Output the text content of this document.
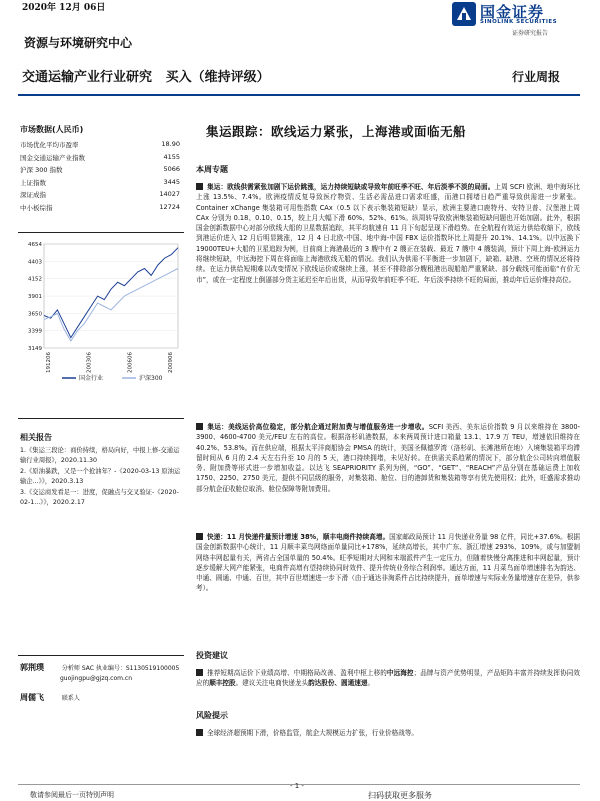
2020年 12月 06日	国金证券
SINOLINK SECURITIES
证券研究报告
资源与环境研究中心
交通运输产业行业研究 买入（维持评级）	行业周报
市场数据(人民币)
市场优化平均市盈率	18.90
国金交通运输产业指数	4155
沪深 300 指数	5066
上证指数	3445
深证成指	14027
中小板综指	12724
4654
4403
4152
3901
3650
3399
3149
191206	200306	200606	200906
国金行业	沪深300
相关报告

1.《集运三段论：商价持续，格局向好，中报上修-交通运输行业周报》，2020.11.30

2.《原油暴跌，又是一个抢油年？-《2020-03-13 原油运输企...》》，2020.3.13

3.《交运商发看足一：进度，促融点与交叉验证-《2020-02-1...》》，2020.2.17

郭荆璞	分析师 SAC 执业编号：S1130519100005
guojingpu@gjzq.com.cn
周儒飞	联系人
集运跟踪：欧线运力紧张，上海港或面临无船
本周专题
集运：欧线供需紧张加剧下运价跳涨，运力持续短缺或导致年前旺季不旺、年后淡季不淡的局面。上周 SCFI 欧洲、地中海环比上涨 13.5%、7.4%。欧洲疫情反复导致医疗物资、生活必需品进口需求旺盛，而港口拥堵日趋严重导致供需进一步紧张。Container xChange 集装箱可用性指数 CAx（0.5 以下表示集装箱短缺）显示，欧洲主要港口鹿特丹、安特卫普、汉堡港上周 CAx 分别为 0.18、0.10、0.15，较上月大幅下滑 60%、52%、61%。纵周转导致欧洲集装箱短缺问题也开始加剧。此外，根据国金创新数据中心对部分欧线大船的卫星数据追踪，其平均航速自 11 月下旬起呈现下滑趋势。在全航程有效运力供给收缩下，欧线到港运价进入 12 月后明显跳涨，12 月 4 日北欧-中国、地中海-中国 FBX 运价指数环比上周提升 20.1%、14.1%。以中远换下 19000TEU+大船的卫星追踪为例，目前商上海港最近的 3 艘中有 2 艘正在装载、最近 7 艘中 4 艘装满，预计下周上海-欧洲运力将继续短缺，中远海控下周在将面临上海港欧线无船的情况。我们认为供需不平衡进一步加剧下，缺箱、缺港、空班的情况还将持续。在运力供给短期难以改变情况下欧线运价或继续上涨，甚至不排除部分艘租港出现船舶严重紧缺、部分载线可能面临“有价无市”，或在一定程度上倒逼部分货主延迟至年后出货，从而导致年前旺季不旺、年后淡季持续不旺的局面，推动年后运价维持高位。
集运：美线运价高位稳定，部分航企通过附加费与增值服务进一步增收。SCFI 美西、美东运价指数 9 月以来维持在 3800-3900、4600-4700 美元/FEU 左右的高位。根据洛杉矶港数据，本来两周预计进口箱量 13.1、17.9 万 TEU，增速依旧维持在 40.2%、53.8%。而在供应端，根据太平洋商船协会 PMSA 的统计，美国圣佩德罗湾（洛杉矶、长滩港所在地）入境集装箱平均滞留时间从 6 月的 2.4 天左右升至 10 月的 5 天，港口持续拥堵，未见好转。在供需关系趋紧的情况下，部分航企公司转向增值服务、附加费等形式进一步增加收益。以达飞 SEAPRIORITY 系列为例，“GO”、“GET”、“REACH”产品分别在基础运费上加收 1750、2250、2750 美元，提供不同层级的服务，对集装箱、舱位、目的港卸货和集装箱等享有优先使用权；此外，旺盛需求推动部分航企征收舱位取消、舱位保障等附加费用。
快递：11 月快递件量预计增速 38%，顺丰电商件持续高增。国家邮政局预计 11 月快递业务量 98 亿件，同比+37.6%。根据国金创新数据中心统计，11 月顺丰菜鸟网络面单量同比+178%，延续高增长，其中广东、浙江增速 293%、109%，或与加盟制网络丰网起量有关，两省占全国单量的 50.4%。旺季短期对大网和末端派件产生一定压力，但随着快慢分离推进和丰网起量，预计逐步缓解大网产能紧张，电商件高增有望持续协同时效件、提升传统业务综合利润率。通达方面，11 月菜鸟面单增速排名为韵达、申通、圆通、中通、百世，其中百世增速进一步下滑（由于通达非淘系件占比持续提升，面单增速与实际业务量增速存在差异，供参考）。
投资建议
推荐短期高运价下业绩高增、中期格局改善、盈利中枢上移的中远海控；品牌与资产优势明显，产品矩阵丰富并持续发挥协同效应的顺丰控股。建议关注电商快递龙头韵达股份、圆通速递。
风险提示
全球经济超预期下滑，价格监管，航企大规模运力扩张，行业价格战等。
敬请参阅最后一页特别声明
- 1 -
扫码获取更多服务
